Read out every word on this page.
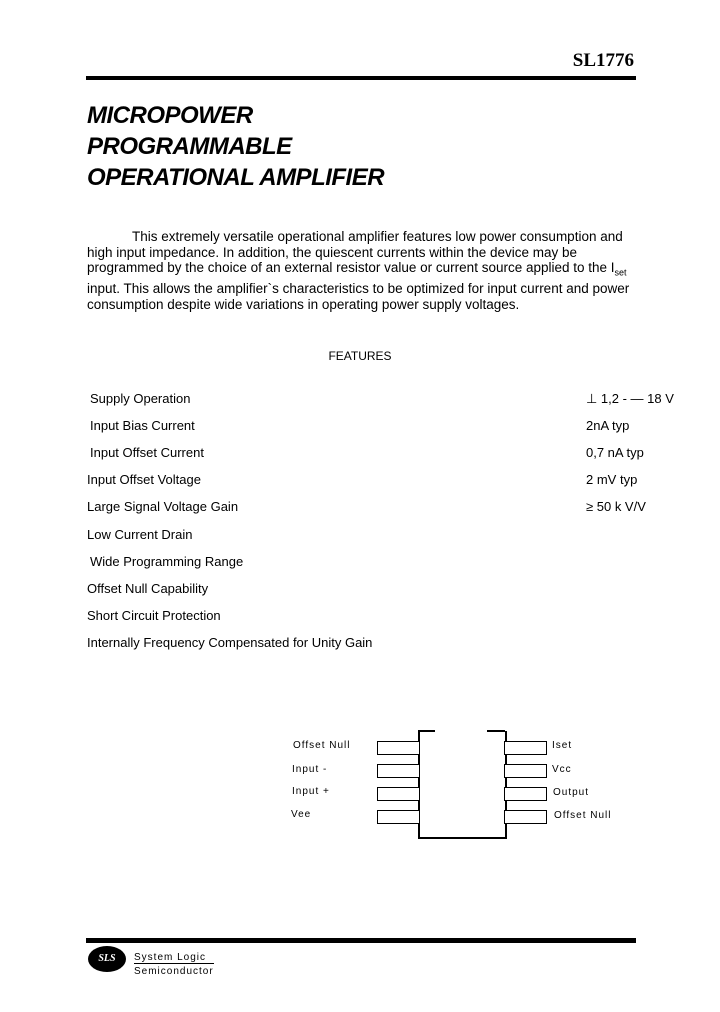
SL1776
MICROPOWER
PROGRAMMABLE
OPERATIONAL AMPLIFIER

This extremely versatile operational amplifier features low power consumption and high input impedance. In addition, the quiescent currents within the device may be programmed by the choice of an external resistor value or current source applied to the $I_{set}$ input. This allows the amplifier`s characteristics to be optimized for input current and power consumption despite wide variations in operating power supply voltages.

FEATURES
Supply Operation	⊥ 1,2 - — 18 V
Input Bias Current	2nA typ
Input Offset Current	0,7 nA typ
Input Offset Voltage	2 mV typ
Large Signal Voltage Gain	≥ 50 k V/V
Low Current Drain
Wide Programming Range
Offset Null Capability
Short Circuit Protection
Internally Frequency Compensated for Unity Gain
Offset Null
Input -
Input +
Vee
Iset
Vcc
Output
Offset Null
SLS	System Logic
Semiconductor
